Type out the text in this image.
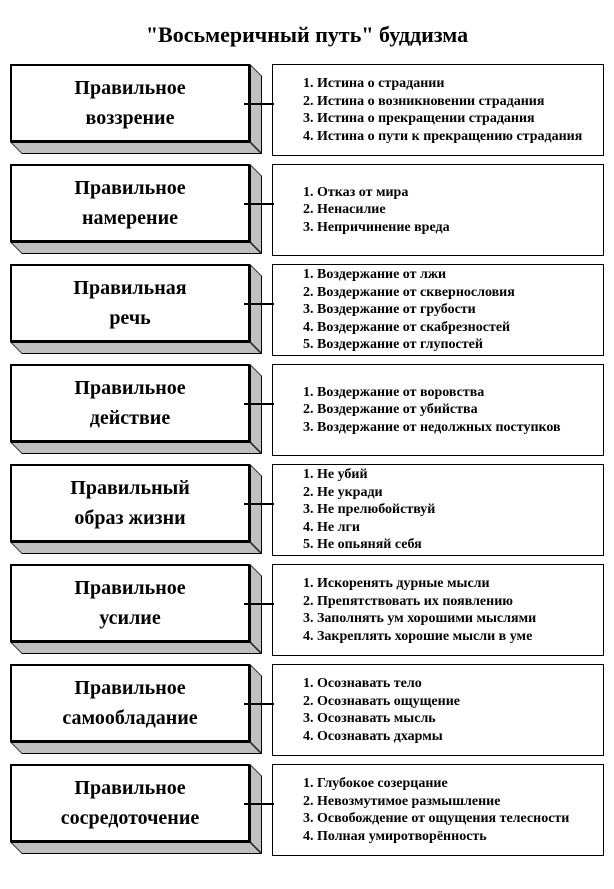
"Восьмеричный путь" буддизма
Правильное
воззрение
1. Истина о страдании
2. Истина о возникновении страдания
3. Истина о прекращении страдания
4. Истина о пути к прекращению страдания
Правильное
намерение
1. Отказ от мира
2. Ненасилие
3. Непричинение вреда
Правильная
речь
1. Воздержание от лжи
2. Воздержание от сквернословия
3. Воздержание от грубости
4. Воздержание от скабрезностей
5. Воздержание от глупостей
Правильное
действие
1. Воздержание от воровства
2. Воздержание от убийства
3. Воздержание от недолжных поступков
Правильный
образ жизни
1. Не убий
2. Не укради
3. Не прелюбойствуй
4. Не лги
5. Не опьяняй себя
Правильное
усилие
1. Искоренять дурные мысли
2. Препятствовать их появлению
3. Заполнять ум хорошими мыслями
4. Закреплять хорошие мысли в уме
Правильное
самообладание
1. Осознавать тело
2. Осознавать ощущение
3. Осознавать мысль
4. Осознавать дхармы
Правильное
сосредоточение
1. Глубокое созерцание
2. Невозмутимое размышление
3. Освобождение от ощущения телесности
4. Полная умиротворённость
